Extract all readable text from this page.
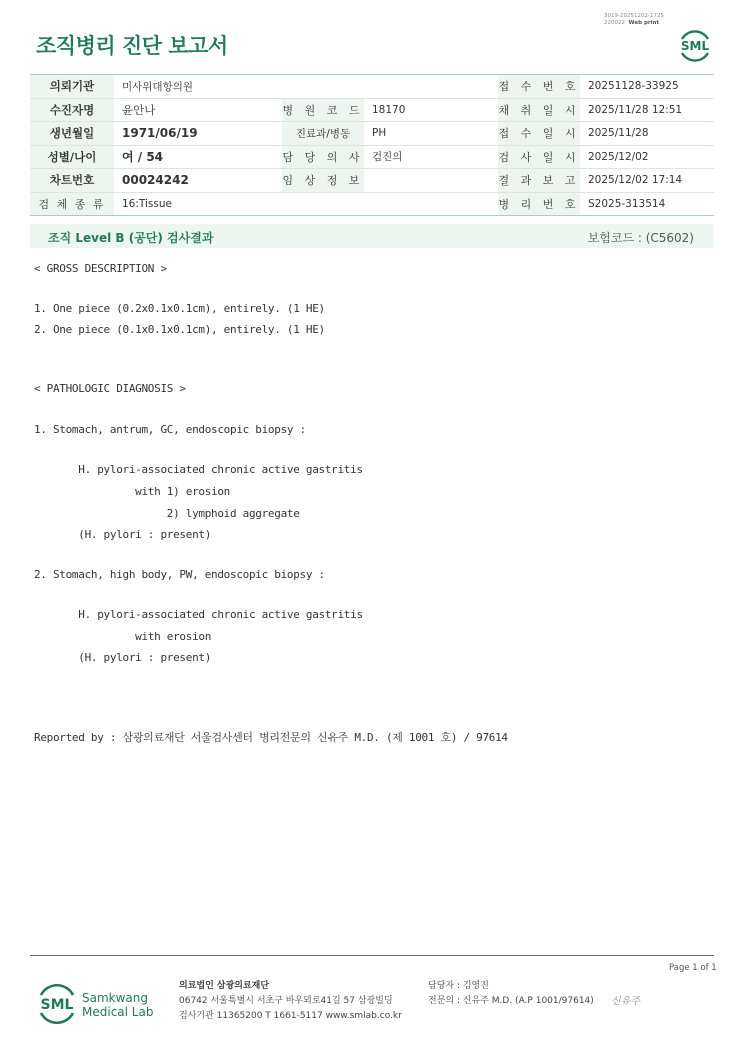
3019-20251202-1725
220022 Web print
조직병리 진단 보고서	SML
의뢰기관	미사위대항의원			접 수 번 호	20251128-33925
수진자명	윤안나	병 원 코 드	18170	채 취 일 시	2025/11/28 12:51
생년월일	1971/06/19	진료과/병동	PH	접 수 일 시	2025/11/28
성별/나이	여 / 54	담 당 의 사	검진의	검 사 일 시	2025/12/02
차트번호	00024242	임 상 정 보		결 과 보 고	2025/12/02 17:14
검 체 종 류	16:Tissue			병 리 번 호	S2025-313514
조직 Level B (공단) 검사결과	보험코드 : (C5602)
< GROSS DESCRIPTION >
1. One piece (0.2x0.1x0.1cm), entirely. (1 HE)
2. One piece (0.1x0.1x0.1cm), entirely. (1 HE)
< PATHOLOGIC DIAGNOSIS >
1. Stomach, antrum, GC, endoscopic biopsy :
H. pylori-associated chronic active gastritis
with 1) erosion
2) lymphoid aggregate
(H. pylori : present)
2. Stomach, high body, PW, endoscopic biopsy :
H. pylori-associated chronic active gastritis
with erosion
(H. pylori : present)
Reported by : 삼광의료재단 서울검사센터 병리전문의 신유주 M.D. (제 1001 호) / 97614
Page 1 of 1
SML Samkwang
Medical Lab
의료법인 삼광의료재단
06742 서울특별시 서초구 바우뫼로41길 57 삼광빌딩
검사기관 11365200 T 1661-5117 www.smlab.co.kr
담당자 : 김영진
전문의 : 신유주 M.D. (A.P 1001/97614) 신유주
